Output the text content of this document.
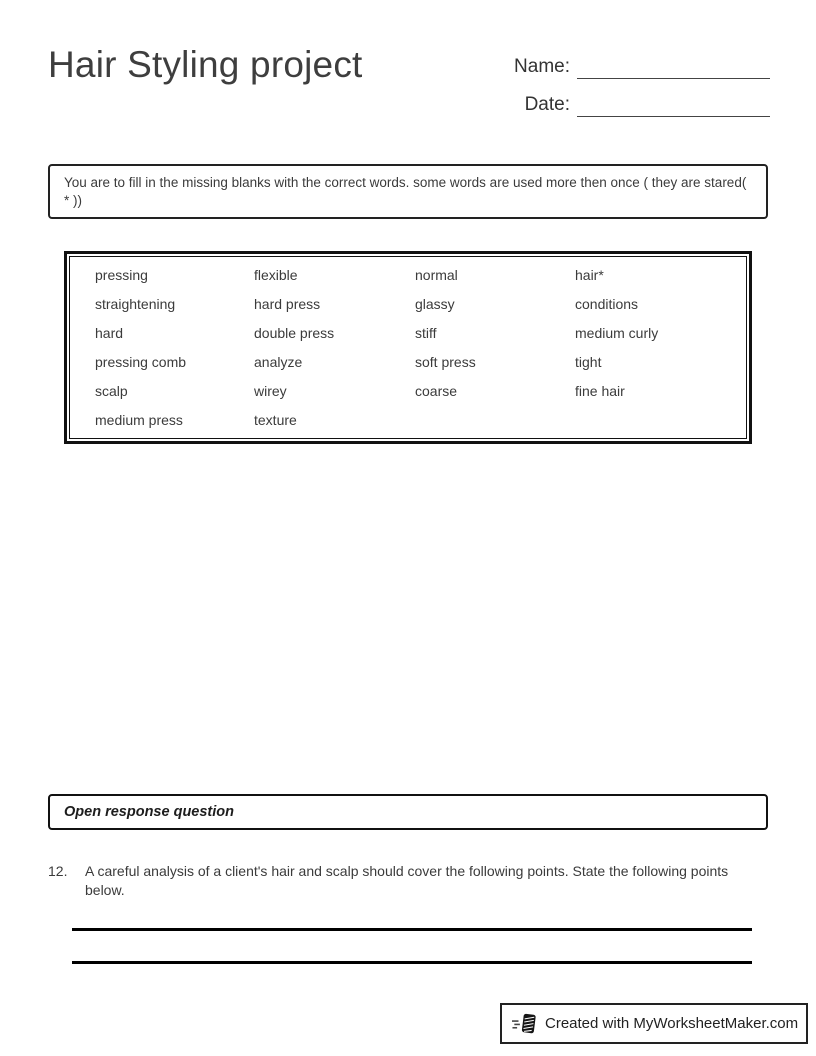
Hair Styling project	Name:
Date:
You are to fill in the missing blanks with the correct words. some words are used more then once ( they are stared( * ))
pressing
straightening
hard
pressing comb
scalp
medium press
flexible
hard press
double press
analyze
wirey
texture
normal
glassy
stiff
soft press
coarse
hair*
conditions
medium curly
tight
fine hair
Open response question
12.	A careful analysis of a client's hair and scalp should cover the following points. State the following points below.
Created with MyWorksheetMaker.com
